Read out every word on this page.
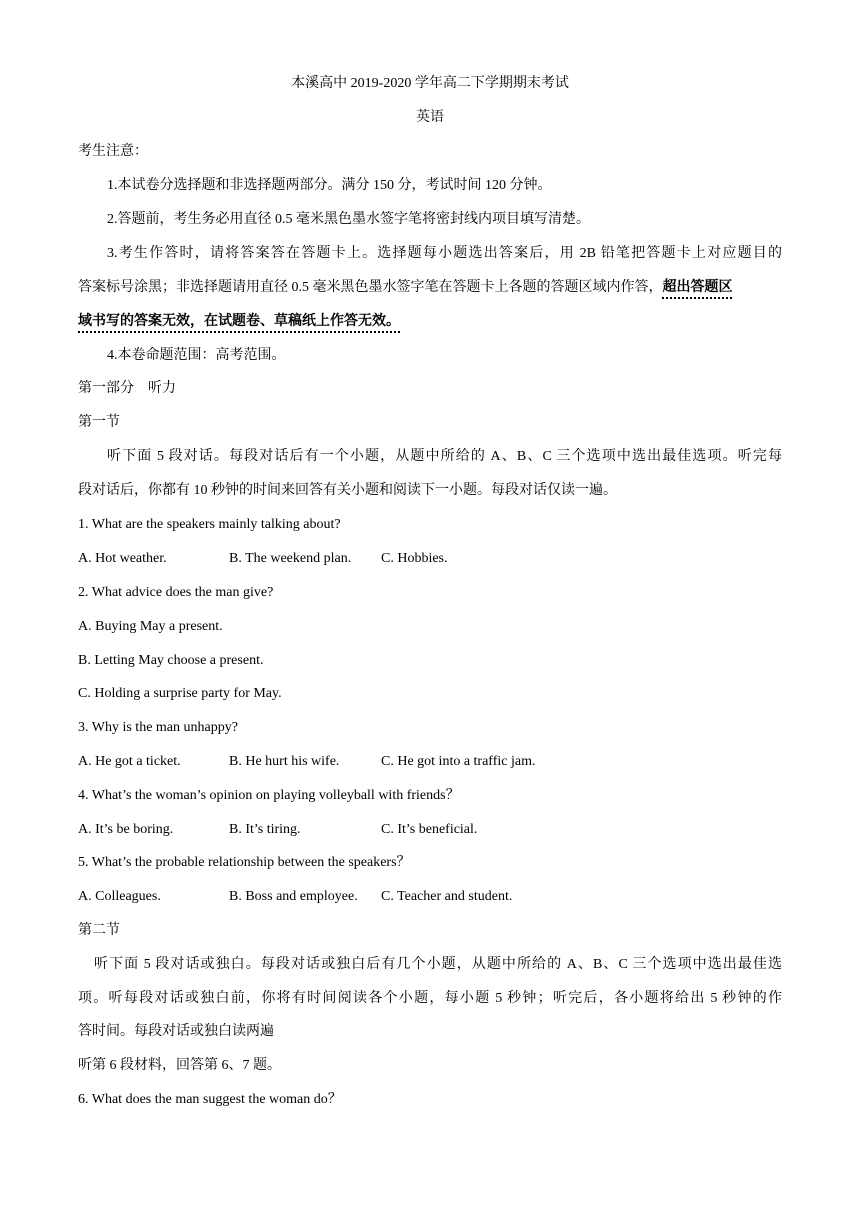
本溪高中 2019-2020 学年高二下学期期末考试
英语
考生注意：
1.本试卷分选择题和非选择题两部分。满分 150 分，考试时间 120 分钟。
2.答题前，考生务必用直径 0.5 毫米黑色墨水签字笔将密封线内项目填写清楚。
3.考生作答时，请将答案答在答题卡上。选择题每小题选出答案后，用 2B 铅笔把答题卡上对应题目的
答案标号涂黑；非选择题请用直径 0.5 毫米黑色墨水签字笔在答题卡上各题的答题区域内作答，超出答题区
域书写的答案无效，在试题卷、草稿纸上作答无效。
4.本卷命题范围：高考范围。
第一部分　听力
第一节
听下面 5 段对话。每段对话后有一个小题，从题中所给的 A、B、C 三个选项中选出最佳选项。听完每
段对话后，你都有 10 秒钟的时间来回答有关小题和阅读下一小题。每段对话仅读一遍。
1. What are the speakers mainly talking about?
A. Hot weather.	B. The weekend plan. C. Hobbies.
2. What advice does the man give?
A. Buying May a present.
B. Letting May choose a present.
C. Holding a surprise party for May.
3. Why is the man unhappy?
A. He got a ticket.	B. He hurt his wife.	C. He got into a traffic jam.
4. What’s the woman’s opinion on playing volleyball with friends？
A. It’s be boring.	B. It’s tiring.	C. It’s beneficial.
5. What’s the probable relationship between the speakers？
A. Colleagues.	B. Boss and employee. C. Teacher and student.
第二节
听下面 5 段对话或独白。每段对话或独白后有几个小题，从题中所给的 A、B、C 三个选项中选出最佳选
项。听每段对话或独白前，你将有时间阅读各个小题，每小题 5 秒钟；听完后，各小题将给出 5 秒钟的作
答时间。每段对话或独白读两遍
听第 6 段材料，回答第 6、7 题。
6. What does the man suggest the woman do？
